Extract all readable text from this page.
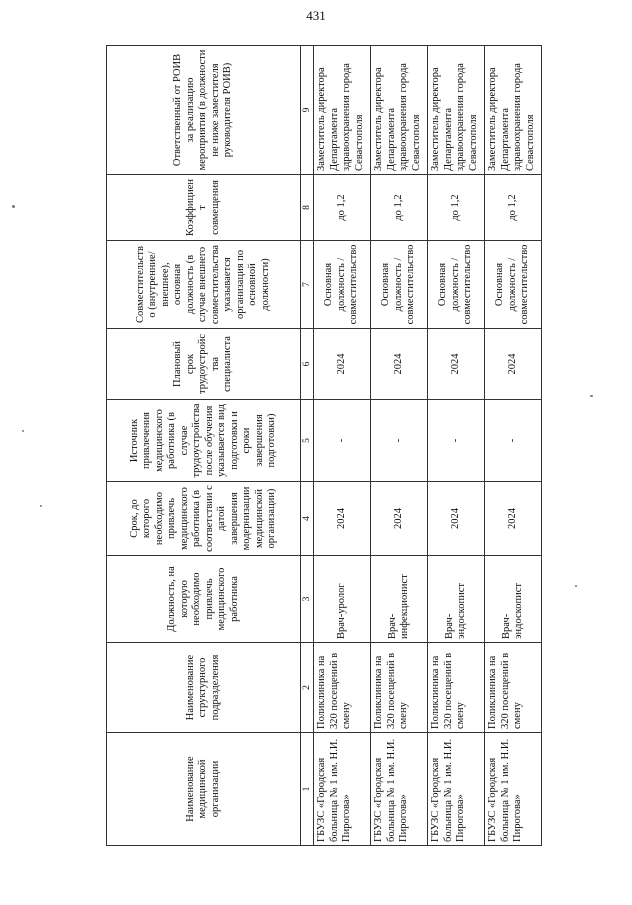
431
Наименование медицинской организации	Наименование структурного подразделения	Должность, на которую необходимо привлечь медицинского работника	Срок, до которого необходимо привлечь медицинского работника (в соответствии с датой завершения модернизации медицинской организации)	Источник привлечения медицинского работника (в случае трудоустройства после обучения указывается вид подготовки и сроки завершения подготовки)	Плановый срок трудоустройства специалиста	Совместительство (внутренние/внешнее), основная должность (в случае внешнего совместительства указывается организация по основной должности)	Коэффициент совмещения	Ответственный от РОИВ за реализацию мероприятия (в должности не ниже заместителя руководителя РОИВ)
1	2	3	4	5	6	7	8	9
ГБУЗС «Городская больница № 1 им. Н.И. Пирогова»	Поликлиника на 320 посещений в смену	Врач-уролог	2024	-	2024	Основная должность / совместительство	до 1,2	Заместитель директора Департамента здравоохранения города Севастополя
ГБУЗС «Городская больница № 1 им. Н.И. Пирогова»	Поликлиника на 320 посещений в смену	Врач-инфекционист	2024	-	2024	Основная должность / совместительство	до 1,2	Заместитель директора Департамента здравоохранения города Севастополя
ГБУЗС «Городская больница № 1 им. Н.И. Пирогова»	Поликлиника на 320 посещений в смену	Врач-эндоскопист	2024	-	2024	Основная должность / совместительство	до 1,2	Заместитель директора Департамента здравоохранения города Севастополя
ГБУЗС «Городская больница № 1 им. Н.И. Пирогова»	Поликлиника на 320 посещений в смену	Врач-эндоскопист	2024	-	2024	Основная должность / совместительство	до 1,2	Заместитель директора Департамента здравоохранения города Севастополя
